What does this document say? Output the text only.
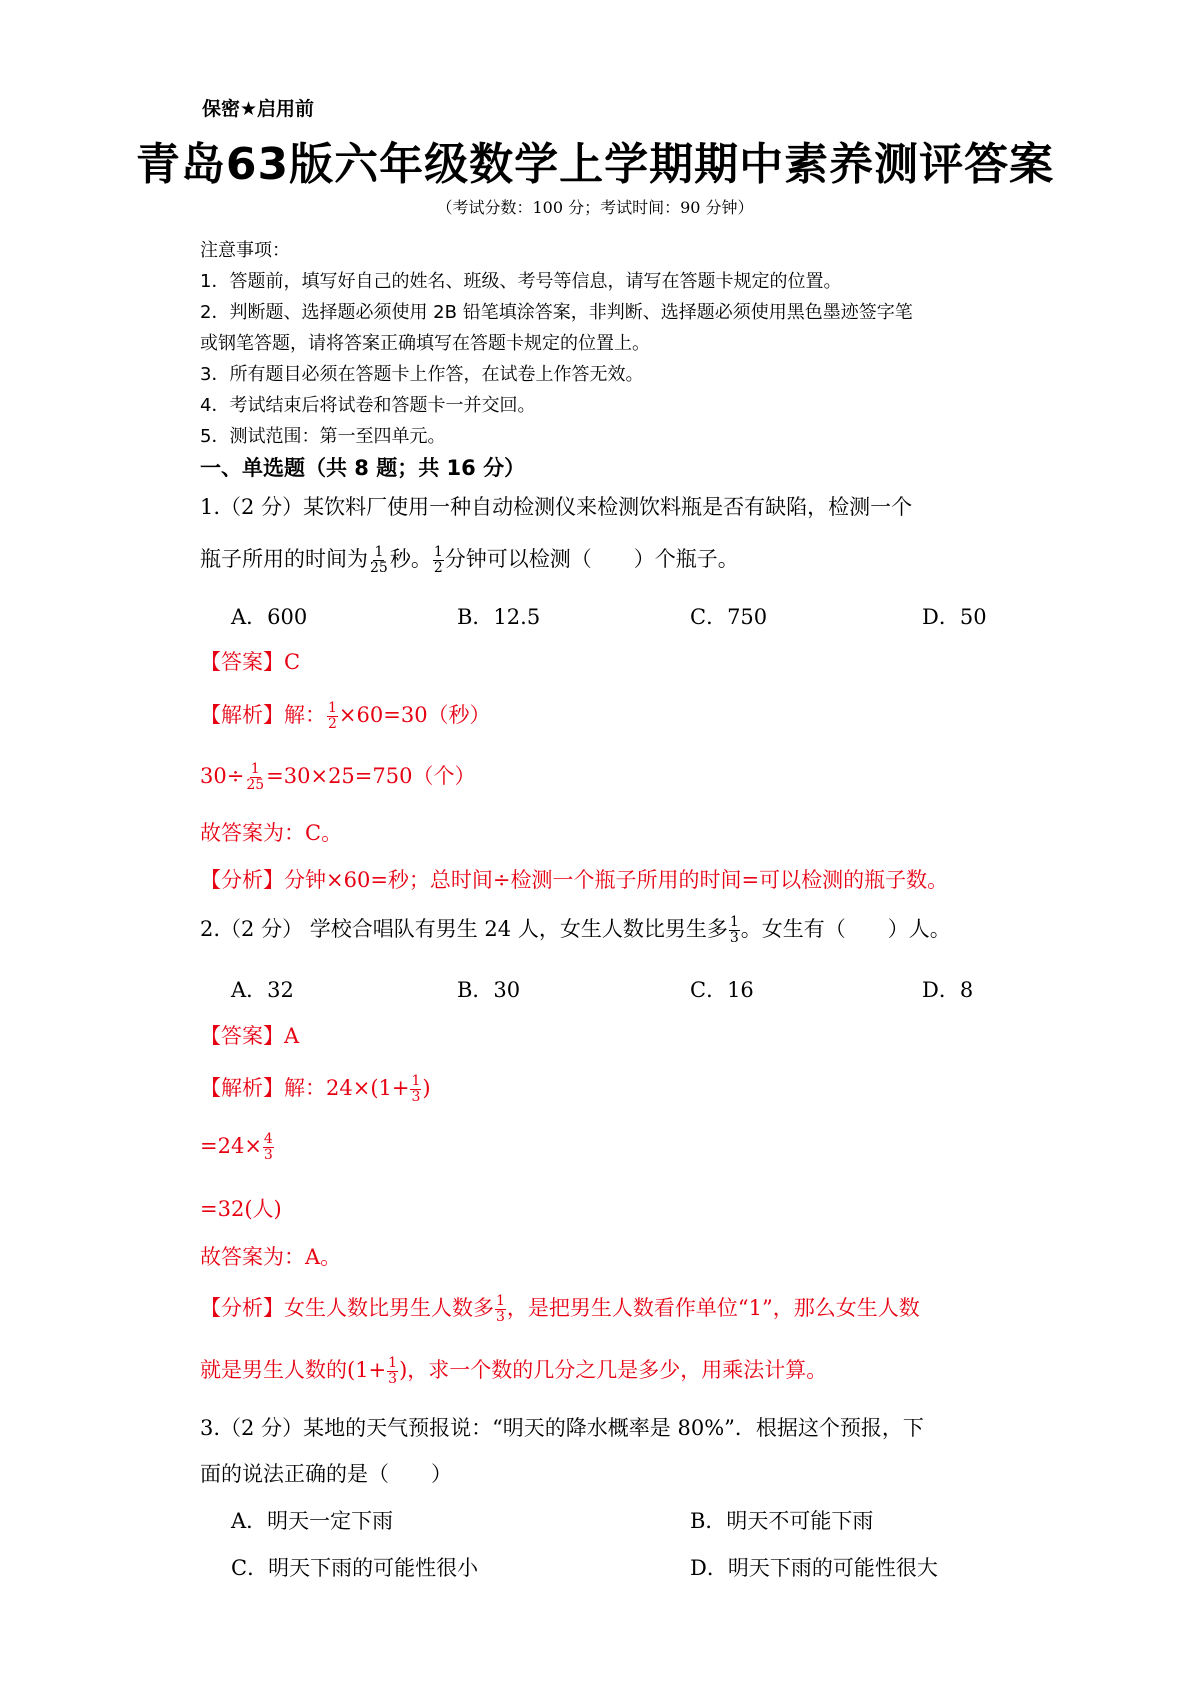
保密★启用前
青岛63版六年级数学上学期期中素养测评答案
（考试分数：100 分；考试时间：90 分钟）
注意事项：
1．答题前，填写好自己的姓名、班级、考号等信息，请写在答题卡规定的位置。
2．判断题、选择题必须使用 2B 铅笔填涂答案，非判断、选择题必须使用黑色墨迹签字笔
或钢笔答题，请将答案正确填写在答题卡规定的位置上。
3．所有题目必须在答题卡上作答，在试卷上作答无效。
4．考试结束后将试卷和答题卡一并交回。
5．测试范围：第一至四单元。
一、单选题（共 8 题；共 16 分）
1.（2 分）某饮料厂使用一种自动检测仪来检测饮料瓶是否有缺陷，检测一个
瓶子所用的时间为 $\frac{1}{25}$ 秒。 $\frac{1}{2}$ 分钟可以检测（　　）个瓶子。
A．600	B．12.5	C．750	D．50
【答案】C
【解析】解： $\frac{1}{2} \times 60=30$（秒）
$30\div \frac{1}{25} =30\times 25=750$（个）
故答案为：C。
【分析】分钟×60=秒；总时间÷检测一个瓶子所用的时间=可以检测的瓶子数。
2.（2 分） 学校合唱队有男生 24 人，女生人数比男生多 $\frac{1}{3}$ 。女生有（　　）人。
A．32	B．30	C．16	D．8
【答案】A
【解析】解：$24\times(1+ \frac{1}{3}$ )
$=24\times \frac{4}{3}$
=32(人)
故答案为：A。
【分析】女生人数比男生人数多 $\frac{1}{3}$ ，是把男生人数看作单位“1”，那么女生人数
就是男生人数的($1+ \frac{1}{3}$ )，求一个数的几分之几是多少，用乘法计算。
3.（2 分）某地的天气预报说：“明天的降水概率是 80%”．根据这个预报，下
面的说法正确的是（　　）
A．明天一定下雨	B．明天不可能下雨
C．明天下雨的可能性很小	D．明天下雨的可能性很大
